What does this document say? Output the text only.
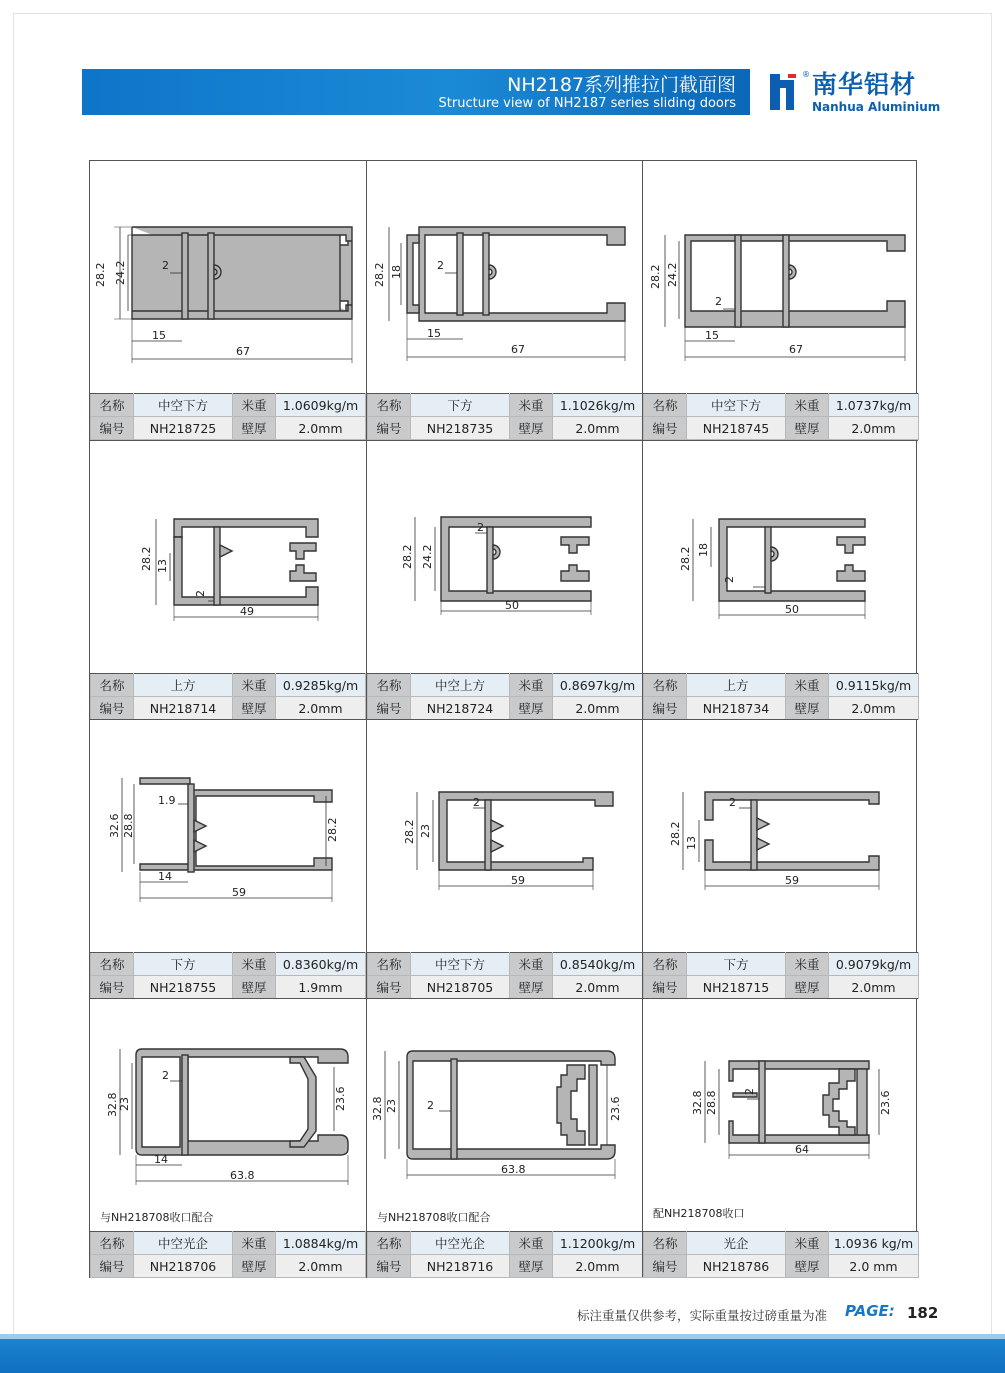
NH2187系列推拉门截面图
Structure view of NH2187 series sliding doors
® 南华铝材
Nanhua Aluminium
28.2 24.2	2
15
67
名称	中空下方	米重	1.0609kg/m
编号	NH218725	壁厚	2.0mm
28.2 18	2
15
67
名称	下方	米重	1.1026kg/m
编号	NH218735	壁厚	2.0mm
28.2 24.2
2
15
67
名称	中空下方	米重	1.0737kg/m
编号	NH218745	壁厚	2.0mm
28.2 13
2
49
名称	上方	米重	0.9285kg/m
编号	NH218714	壁厚	2.0mm
28.2 24.2
2
50
名称	中空上方	米重	0.8697kg/m
编号	NH218724	壁厚	2.0mm
28.2 18
2
50
名称	上方	米重	0.9115kg/m
编号	NH218734	壁厚	2.0mm
32.6 28.8	28.2
1.9
14
59
名称	下方	米重	0.8360kg/m
编号	NH218755	壁厚	1.9mm
28.2 23
2
59
名称	中空下方	米重	0.8540kg/m
编号	NH218705	壁厚	2.0mm
28.2 13
2
59
名称	下方	米重	0.9079kg/m
编号	NH218715	壁厚	2.0mm
32.8 23	23.6
2
14
63.8
与NH218708收口配合
名称	中空光企	米重	1.0884kg/m
编号	NH218706	壁厚	2.0mm
32.8 23	23.6
2
63.8
与NH218708收口配合
名称	中空光企	米重	1.1200kg/m
编号	NH218716	壁厚	2.0mm
32.8 28.8	23.6
2
64
配NH218708收口
名称	光企	米重	1.0936 kg/m
编号	NH218786	壁厚	2.0 mm
标注重量仅供参考，实际重量按过磅重量为准 PAGE: 182
